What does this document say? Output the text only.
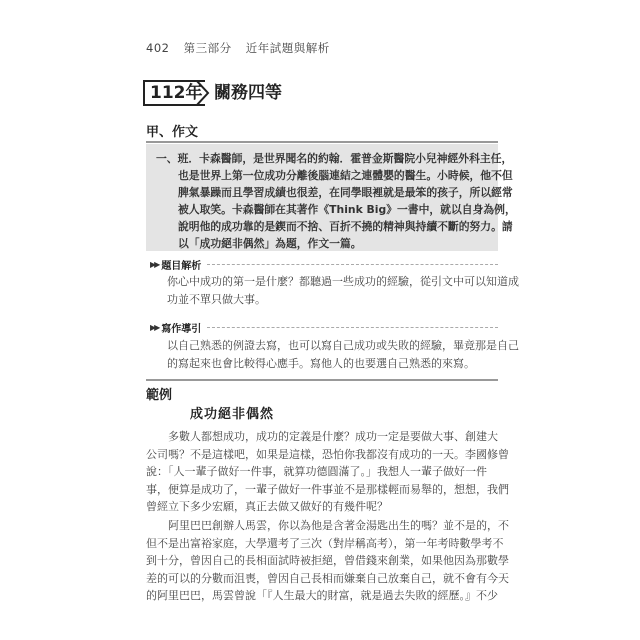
402 第三部分 近年試題與解析
112年 關務四等
甲、作文
一、班．卡森醫師，是世界聞名的約翰．霍普金斯醫院小兒神經外科主任，
也是世界上第一位成功分離後腦連結之連體嬰的醫生。小時候，他不但
脾氣暴躁而且學習成績也很差，在同學眼裡就是最笨的孩子，所以經常
被人取笑。卡森醫師在其著作《Think Big》一書中，就以自身為例，
說明他的成功靠的是鍥而不捨、百折不撓的精神與持續不斷的努力。請
以「成功絕非偶然」為題，作文一篇。
▶▶ 題目解析
你心中成功的第一是什麼？都聽過一些成功的經驗，從引文中可以知道成
功並不單只做大事。
▶▶ 寫作導引
以自己熟悉的例證去寫，也可以寫自己成功或失敗的經驗，畢竟那是自己
的寫起來也會比較得心應手。寫他人的也要選自己熟悉的來寫。
範例
成功絕非偶然
　　多數人都想成功，成功的定義是什麼？成功一定是要做大事、創建大
公司嗎？不是這樣吧，如果是這樣，恐怕你我都沒有成功的一天。李國修曾
說：「人一輩子做好一件事，就算功德圓滿了。」我想人一輩子做好一件
事，便算是成功了，一輩子做好一件事並不是那樣輕而易舉的，想想，我們
曾經立下多少宏願，真正去做又做好的有幾件呢？
　　阿里巴巴創辦人馬雲，你以為他是含著金湯匙出生的嗎？並不是的，不
但不是出富裕家庭，大學還考了三次（對岸稱高考），第一年考時數學考不
到十分，曾因自己的長相面試時被拒絕，曾借錢來創業，如果他因為那數學
差的可以的分數而沮喪，曾因自己長相而嫌棄自己放棄自己，就不會有今天
的阿里巴巴，馬雲曾說「『人生最大的財富，就是過去失敗的經歷。』不少
